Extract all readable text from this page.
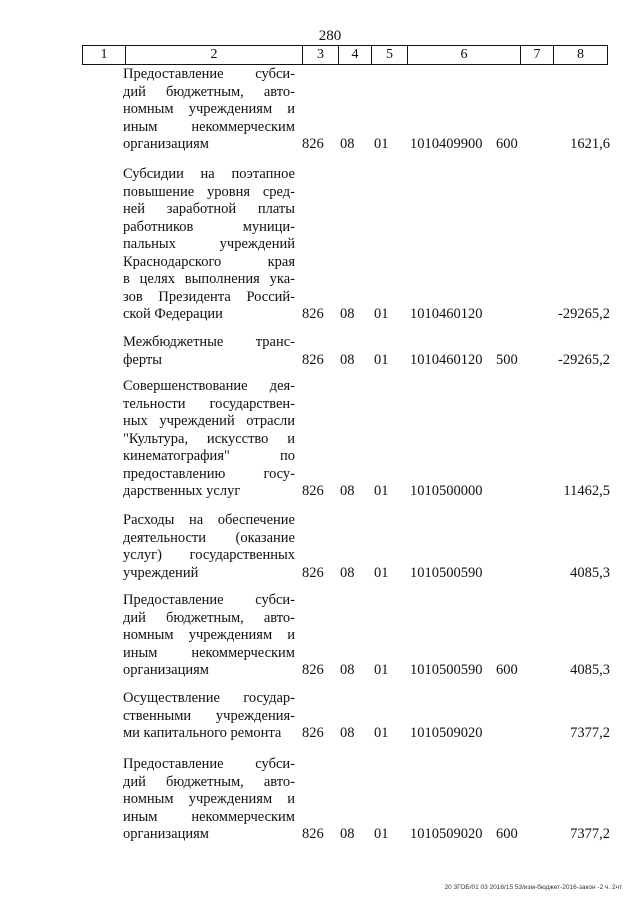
280
1	2	3	4	5	6	7	8
Предоставление субси-
дий бюджетным, авто-
номным учреждениям и
иным некоммерческим
организациям	826 08 01 1010409900 600	1621,6
Субсидии на поэтапное
повышение уровня сред-
ней заработной платы
работников муници-
пальных учреждений
Краснодарского края
в целях выполнения ука-
зов Президента Россий-
ской Федерации	826 08 01 1010460120	-29265,2
Межбюджетные транс-
ферты	826 08 01 1010460120 500	-29265,2
Совершенствование дея-
тельности государствен-
ных учреждений отрасли
"Культура, искусство и
кинематография" по
предоставлению госу-
дарственных услуг	826 08 01 1010500000	11462,5
Расходы на обеспечение
деятельности (оказание
услуг) государственных
учреждений	826 08 01 1010500590	4085,3
Предоставление субси-
дий бюджетным, авто-
номным учреждениям и
иным некоммерческим
организациям	826 08 01 1010500590 600	4085,3
Осуществление государ-
ственными учреждения-
ми капитального ремонта	826 08 01 1010509020	7377,2
Предоставление субси-
дий бюджетным, авто-
номным учреждениям и
иным некоммерческим
организациям	826 08 01 1010509020 600	7377,2
20 3ГОБ/01 03 2016/15 53/изм-бюджет-2016-закон -2 ч. 2чт
